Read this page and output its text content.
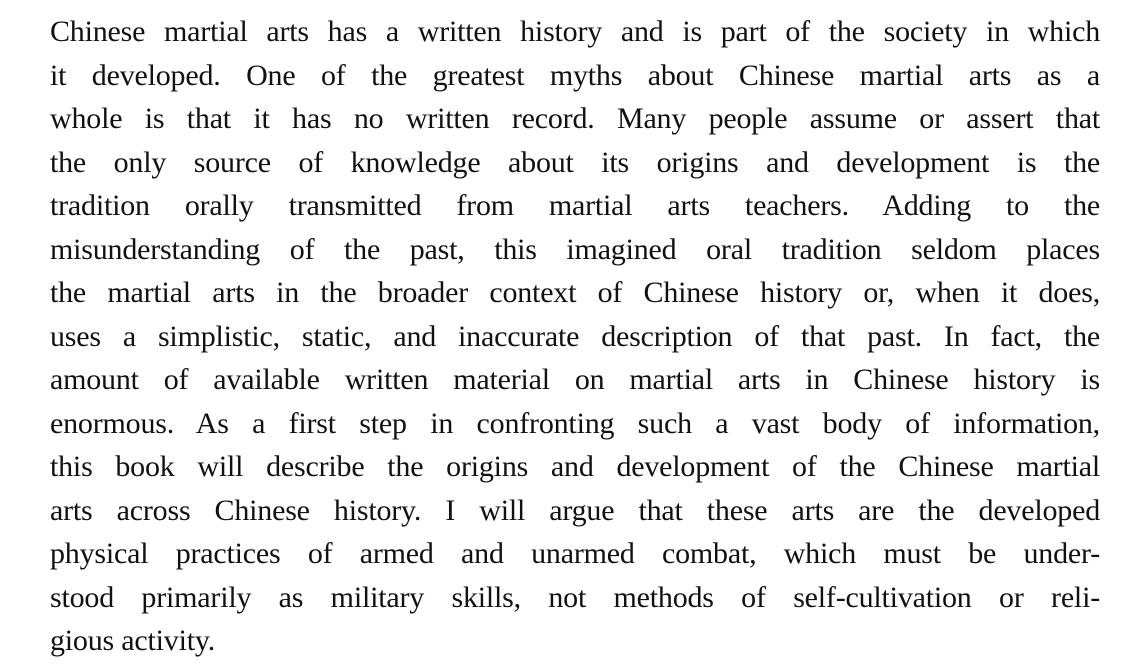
Chinese martial arts has a written history and is part of the society in which
it developed. One of the greatest myths about Chinese martial arts as a
whole is that it has no written record. Many people assume or assert that
the only source of knowledge about its origins and development is the
tradition orally transmitted from martial arts teachers. Adding to the
misunderstanding of the past, this imagined oral tradition seldom places
the martial arts in the broader context of Chinese history or, when it does,
uses a simplistic, static, and inaccurate description of that past. In fact, the
amount of available written material on martial arts in Chinese history is
enormous. As a first step in confronting such a vast body of information,
this book will describe the origins and development of the Chinese martial
arts across Chinese history. I will argue that these arts are the developed
physical practices of armed and unarmed combat, which must be under-
stood primarily as military skills, not methods of self-cultivation or reli-
gious activity.
